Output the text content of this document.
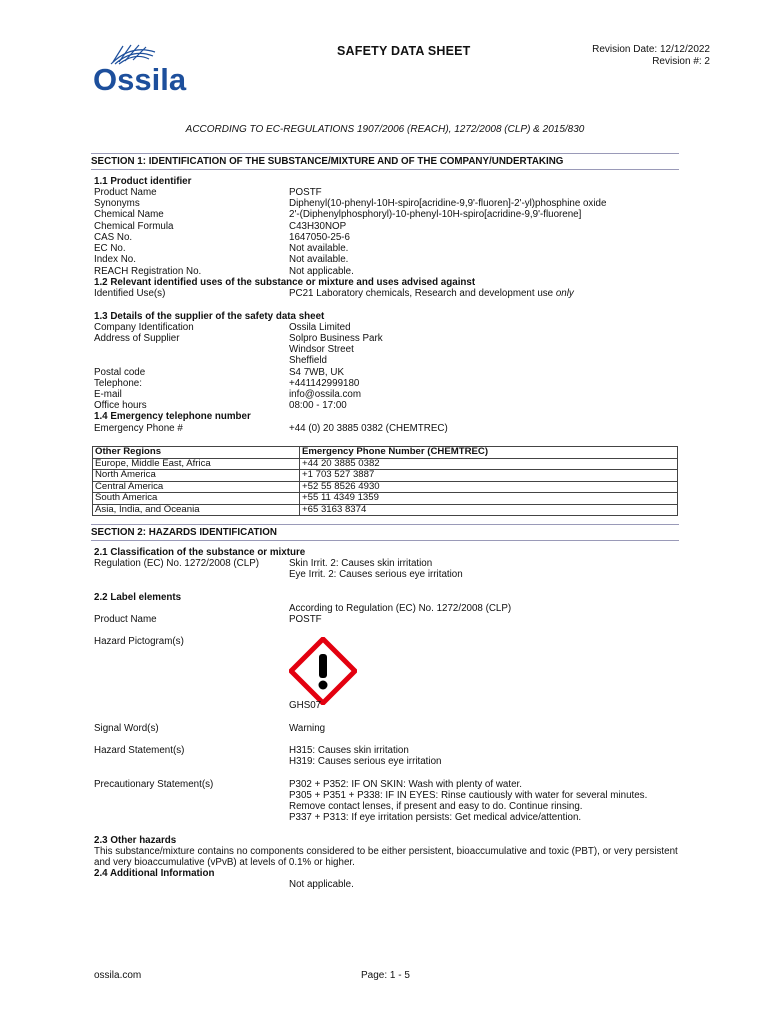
Ossila
SAFETY DATA SHEET	Revision Date: 12/12/2022
Revision #: 2
ACCORDING TO EC-REGULATIONS 1907/2006 (REACH), 1272/2008 (CLP) & 2015/830
SECTION 1: IDENTIFICATION OF THE SUBSTANCE/MIXTURE AND OF THE COMPANY/UNDERTAKING
1.1 Product identifier
Product Name	POSTF
Synonyms	Diphenyl(10-phenyl-10H-spiro[acridine-9,9'-fluoren]-2'-yl)phosphine oxide
Chemical Name	2'-(Diphenylphosphoryl)-10-phenyl-10H-spiro[acridine-9,9'-fluorene]
Chemical Formula	C43H30NOP
CAS No.	1647050-25-6
EC No.	Not available.
Index No.	Not available.
REACH Registration No.	Not applicable.
1.2 Relevant identified uses of the substance or mixture and uses advised against
Identified Use(s)	PC21 Laboratory chemicals, Research and development use only
1.3 Details of the supplier of the safety data sheet
Company Identification	Ossila Limited
Address of Supplier	Solpro Business Park
Windsor Street
Sheffield
Postal code	S4 7WB, UK
Telephone:	+441142999180
E-mail	info@ossila.com
Office hours	08:00 - 17:00
1.4 Emergency telephone number
Emergency Phone #	+44 (0) 20 3885 0382 (CHEMTREC)
Other Regions	Emergency Phone Number (CHEMTREC)
Europe, Middle East, Africa	+44 20 3885 0382
North America	+1 703 527 3887
Central America	+52 55 8526 4930
South America	+55 11 4349 1359
Asia, India, and Oceania	+65 3163 8374
SECTION 2: HAZARDS IDENTIFICATION
2.1 Classification of the substance or mixture
Regulation (EC) No. 1272/2008 (CLP)	Skin Irrit. 2: Causes skin irritation
Eye Irrit. 2: Causes serious eye irritation
2.2 Label elements
According to Regulation (EC) No. 1272/2008 (CLP)
Product Name	POSTF
Hazard Pictogram(s)
GHS07
Signal Word(s)	Warning
Hazard Statement(s)	H315: Causes skin irritation
H319: Causes serious eye irritation
Precautionary Statement(s)	P302 + P352: IF ON SKIN: Wash with plenty of water.
P305 + P351 + P338: IF IN EYES: Rinse cautiously with water for several minutes.
Remove contact lenses, if present and easy to do. Continue rinsing.
P337 + P313: If eye irritation persists: Get medical advice/attention.
2.3 Other hazards
This substance/mixture contains no components considered to be either persistent, bioaccumulative and toxic (PBT), or very persistent and very bioaccumulative (vPvB) at levels of 0.1% or higher.
2.4 Additional Information
Not applicable.
ossila.com	Page: 1 - 5
